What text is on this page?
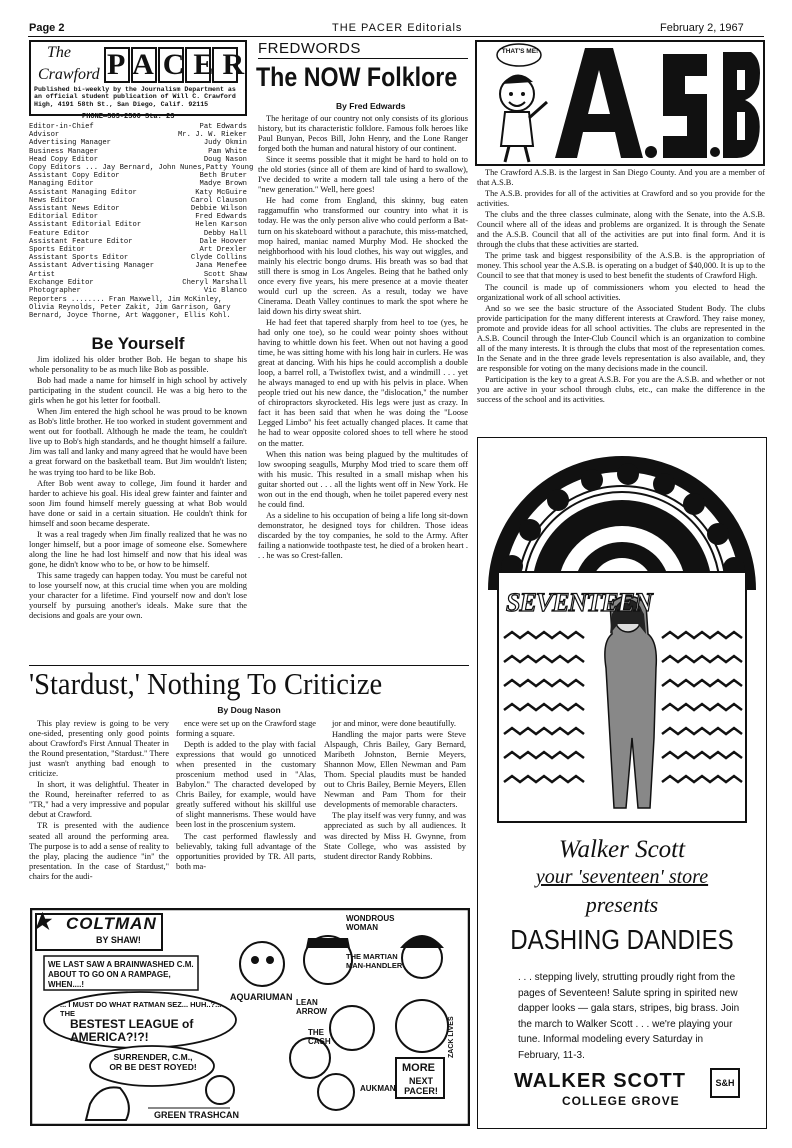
Page 2	THE PACER Editorials	February 2, 1967
The
Crawford PACER
Published bi-weekly by the Journalism Department as an official student publication of Will C. Crawford High, 4191 58th St., San Diego, Calif. 92115
PHONE—583-2500 Sta. 23
Editor-in-Chief	Pat Edwards
Advisor	Mr. J. W. Rieker
Advertising Manager	Judy Okmin
Business Manager	Pam White
Head Copy Editor	Doug Nason
Copy Editors ... Jay Bernard, John Nunes, Patty Young
Assistant Copy Editor	Beth Bruter
Managing Editor	Madye Brown
Assistant Managing Editor	Katy McGuire
News Editor	Carol Clauson
Assistant News Editor	Debbie Wilson
Editorial Editor	Fred Edwards
Assistant Editorial Editor	Helen Karson
Feature Editor	Debby Hall
Assistant Feature Editor	Dale Hoover
Sports Editor	Art Drexler
Assistant Sports Editor	Clyde Collins
Assistant Advertising Manager	Jana Menefee
Artist	Scott Shaw
Exchange Editor	Cheryl Marshall
Photographer	Vic Blanco
Reporters ........ Fran Maxwell, Jim McKinley, Olivia Reynolds, Peter Zakit, Jim Garrison, Gary Bernard, Joyce Thorne, Art Waggoner, Ellis Kohl.
Be Yourself

Jim idolized his older brother Bob. He began to shape his whole personality to be as much like Bob as possible.

Bob had made a name for himself in high school by actively participating in the student council. He was a big hero to the girls when he got his letter for football.

When Jim entered the high school he was proud to be known as Bob's little brother. He too worked in student government and went out for football. Although he made the team, he couldn't live up to Bob's high standards, and he thought himself a failure. Jim was tall and lanky and many agreed that he would have been a great forward on the basketball team. But Jim wouldn't listen; he was trying too hard to be like Bob.

After Bob went away to college, Jim found it harder and harder to achieve his goal. His ideal grew fainter and fainter and soon Jim found himself merely guessing at what Bob would have done or said in a certain situation. He couldn't think for himself and soon became desperate.

It was a real tragedy when Jim finally realized that he was no longer himself, but a poor image of someone else. Somewhere along the line he had lost himself and now that his ideal was gone, he didn't know who to be, or how to be himself.

This same tragedy can happen today. You must be careful not to lose yourself now, at this crucial time when you are molding your character for a lifetime. Find yourself now and don't lose yourself by pursuing another's ideals. Make sure that the decisions and goals are your own.

FREDWORDS
The NOW Folklore
By Fred Edwards

The heritage of our country not only consists of its glorious history, but its characteristic folklore. Famous folk heroes like Paul Bunyan, Pecos Bill, John Henry, and the Lone Ranger forged both the human and natural history of our continent.

Since it seems possible that it might be hard to hold on to the old stories (since all of them are kind of hard to swallow), I've decided to write a modern tall tale using a hero of the "new generation." Well, here goes!

He had come from England, this skinny, bug eaten raggamuffin who transformed our country into what it is today. He was the only person alive who could perform a Bat-turn on his skateboard without a parachute, this miss-matched, mop haired, maniac named Murphy Mod. He shocked the neighborhood with his loud clothes, his way out wiggles, and mainly his electric bongo drums. His breath was so bad that still there is smog in Los Angeles. Being that he bathed only once every five years, his mere presence at a movie theater would curl up the screen. As a result, today we have Cinerama. Death Valley continues to mark the spot where he laid down his dirty sweat shirt.

He had feet that tapered sharply from heel to toe (yes, he had only one toe), so he could wear pointy shoes without having to whittle down his feet. When out not having a good time, he was sitting home with his long hair in curlers. He was great at dancing. With his hips he could accomplish a double loop, a barrel roll, a Twistoflex twist, and a windmill . . . yet he always managed to end up with his pelvis in place. When people tried out his new dance, the "dislocation," the number of chiropractors skyrocketed. His legs were just as crazy. In fact it has been said that when he was doing the "Loose Legged Limbo" his feet actually changed places. It came that he had to wear opposite colored shoes to tell where he stood on the matter.

When this nation was being plagued by the multitudes of low swooping seagulls, Murphy Mod tried to scare them off with his music. This resulted in a small mishap when his guitar shorted out . . . all the lights went off in New York. He won out in the end though, when he toilet papered every nest he could find.

As a sideline to his occupation of being a life long sit-down demonstrator, he designed toys for children. Those ideas discarded by the toy companies, he sold to the Army. After failing a nationwide toothpaste test, he died of a broken heart . . . he was so Crest-fallen.

THAT'S ME!

The Crawford A.S.B. is the largest in San Diego County. And you are a member of that A.S.B.

The A.S.B. provides for all of the activities at Crawford and so you provide for the activities.

The clubs and the three classes culminate, along with the Senate, into the A.S.B. Council where all of the ideas and problems are organized. It is through the Senate and the A.S.B. Council that all of the activities are put into final form. And it is through the clubs that these activities are started.

The prime task and biggest responsibility of the A.S.B. is the appropriation of money. This school year the A.S.B. is operating on a budget of $40,000. It is up to the Council to see that that money is used to best benefit the students of Crawford High.

The council is made up of commissioners whom you elected to head the organizational work of all school activities.

And so we see the basic structure of the Associated Student Body. The clubs provide participation for the many different interests at Crawford. They raise money, promote and provide ideas for all school activities. The clubs are represented in the A.S.B. Council through the Inter-Club Council which is an organization to combine all of the many interests. It is through the clubs that most of the representation comes. In the Senate and in the three grade levels representation is also available, and, they are responsible for voting on the many decisions made in the council.

Participation is the key to a great A.S.B. For you are the A.S.B. and whether or not you are active in your school through clubs, etc., can make the difference in the success of the school and its activities.

'Stardust,' Nothing To Criticize
By Doug Nason

This play review is going to be very one-sided, presenting only good points about Crawford's First Annual Theater in the Round presentation, "Stardust." There just wasn't anything bad enough to criticize.

In short, it was delightful. Theater in the Round, hereinafter referred to as "TR," had a very impressive and popular debut at Crawford.

TR is presented with the audience seated all around the performing area. The purpose is to add a sense of reality to the play, placing the audience "in" the presentation. In the case of Stardust," chairs for the audi-

ence were set up on the Crawford stage forming a square.

Depth is added to the play with facial expressions that would go unnoticed when presented in the customary proscenium method used in "Alas, Babylon." The characted developed by Chris Bailey, for example, would have greatly suffered without his skillful use of slight mannerisms. These would have been lost in the proscenium system.

The cast performed flawlessly and believably, taking full advantage of the opportunities provided by TR. All parts, both ma-

jor and minor, were done beautifully.

Handling the major parts were Steve Alspaugh, Chris Bailey, Gary Bernard, Maribeth Johnston, Bernie Meyers, Shannon Mow, Ellen Newman and Pam Thom. Special plaudits must be handed out to Chris Bailey, Bernie Meyers, Ellen Newman and Pam Thom for their developments of memorable characters.

The play itself was very funny, and was appreciated as such by all audiences. It was directed by Miss H. Gwynne, from State College, who was assisted by student director Randy Robbins.

COLTMAN
BY SHAW!
WE LAST SAW A BRAINWASHED C.M. ABOUT TO GO ON A RAMPAGE, WHEN....!
... I MUST DO WHAT RATMAN SEZ... HUH..?... THE
BESTEST LEAGUE of AMERICA?!?!
SURRENDER, C.M., OR BE DEST ROYED!
AQUARIUMAN
WONDROUS WOMAN
THE MARTIAN MAN-HANDLER
LEAN ARROW
THE CASH
AUKMAN
GREEN TRASHCAN
MORE
NEXT PACER!
ZACK LIVES
SEVENTEEN
Walker Scott
your 'seventeen' store
presents
DASHING DANDIES
. . . stepping lively, strutting proudly right from the pages of Seventeen! Salute spring in spirited new dapper looks — gala stars, stripes, big brass. Join the march to Walker Scott . . . we're playing your tune. Informal modeling every Saturday in February, 11-3.
WALKER SCOTT
COLLEGE GROVE
S&H
